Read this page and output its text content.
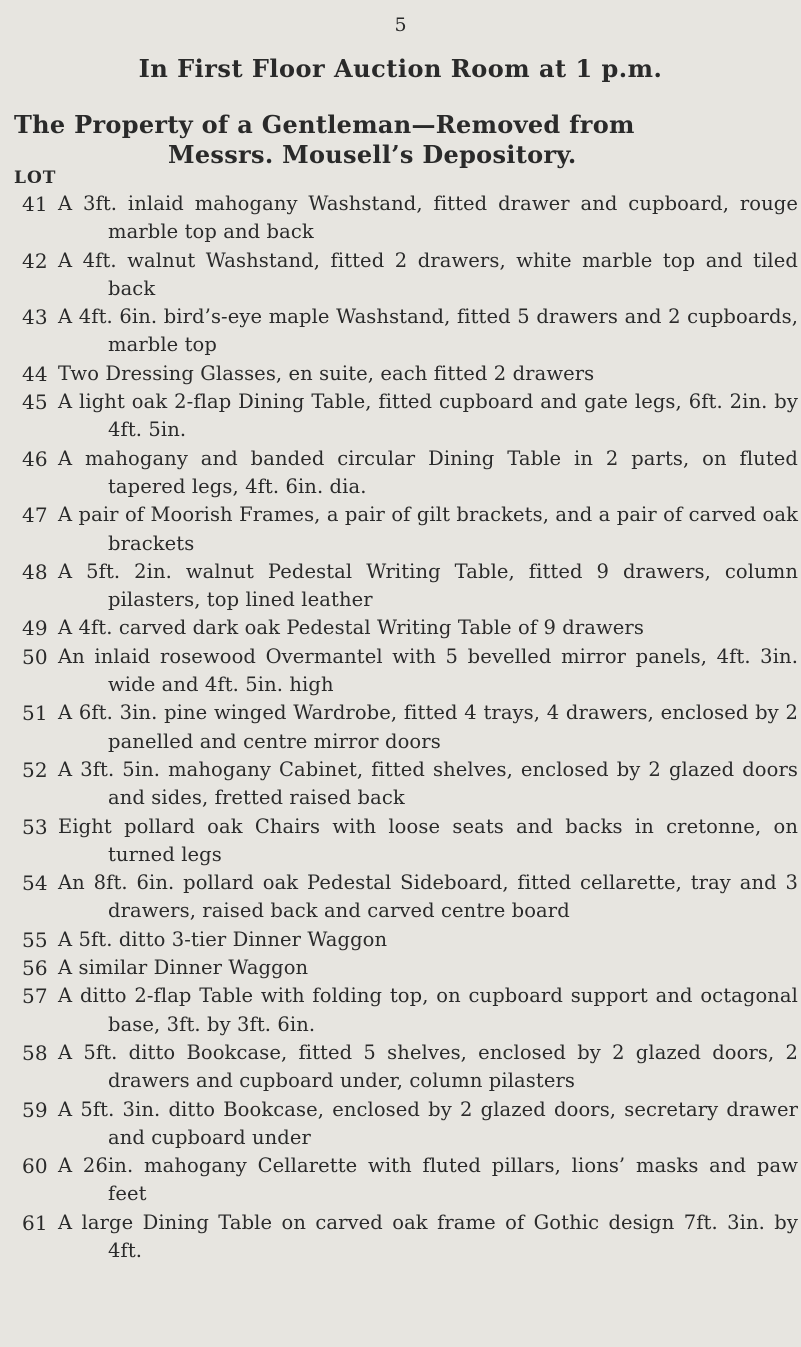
5
In First Floor Auction Room at 1 p.m.
The Property of a Gentleman—Removed from
Messrs. Mousell’s Depository.
LOT
41 A 3ft. inlaid mahogany Washstand, fitted drawer and cupboard, rouge marble top and back
42 A 4ft. walnut Washstand, fitted 2 drawers, white marble top and tiled back
43 A 4ft. 6in. bird’s-eye maple Washstand, fitted 5 drawers and 2 cupboards, marble top
44 Two Dressing Glasses, en suite, each fitted 2 drawers
45 A light oak 2-flap Dining Table, fitted cupboard and gate legs, 6ft. 2in. by 4ft. 5in.
46 A mahogany and banded circular Dining Table in 2 parts, on fluted tapered legs, 4ft. 6in. dia.
47 A pair of Moorish Frames, a pair of gilt brackets, and a pair of carved oak brackets
48 A 5ft. 2in. walnut Pedestal Writing Table, fitted 9 drawers, column pilasters, top lined leather
49 A 4ft. carved dark oak Pedestal Writing Table of 9 drawers
50 An inlaid rosewood Overmantel with 5 bevelled mirror panels, 4ft. 3in. wide and 4ft. 5in. high
51 A 6ft. 3in. pine winged Wardrobe, fitted 4 trays, 4 drawers, enclosed by 2 panelled and centre mirror doors
52 A 3ft. 5in. mahogany Cabinet, fitted shelves, enclosed by 2 glazed doors and sides, fretted raised back
53 Eight pollard oak Chairs with loose seats and backs in cretonne, on turned legs
54 An 8ft. 6in. pollard oak Pedestal Sideboard, fitted cellarette, tray and 3 drawers, raised back and carved centre board
55 A 5ft. ditto 3-tier Dinner Waggon
56 A similar Dinner Waggon
57 A ditto 2-flap Table with folding top, on cupboard support and octagonal base, 3ft. by 3ft. 6in.
58 A 5ft. ditto Bookcase, fitted 5 shelves, enclosed by 2 glazed doors, 2 drawers and cupboard under, column pilasters
59 A 5ft. 3in. ditto Bookcase, enclosed by 2 glazed doors, secretary drawer and cupboard under
60 A 26in. mahogany Cellarette with fluted pillars, lions’ masks and paw feet
61 A large Dining Table on carved oak frame of Gothic design 7ft. 3in. by 4ft.
